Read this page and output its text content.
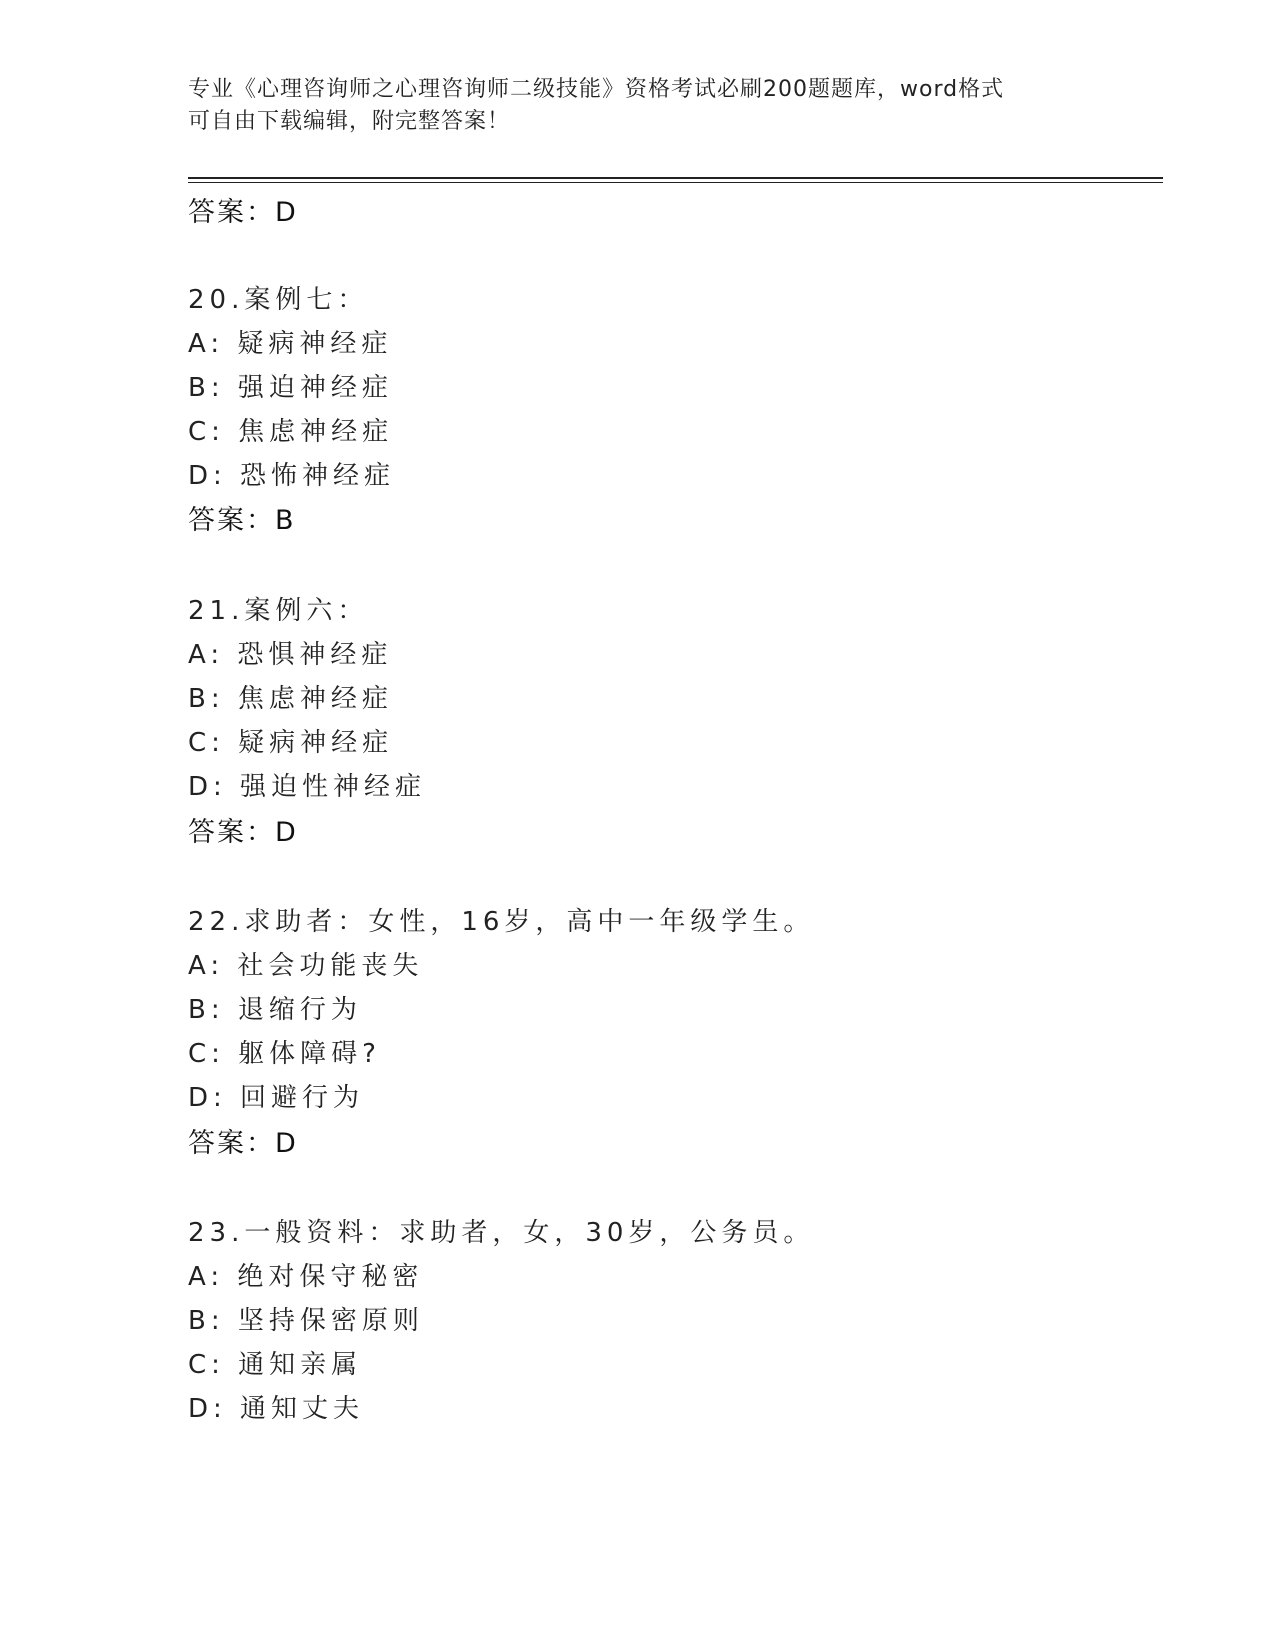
专业《心理咨询师之心理咨询师二级技能》资格考试必刷200题题库，word格式
可自由下载编辑，附完整答案！
答案：D
20.案例七：
A: 疑病神经症
B: 强迫神经症
C: 焦虑神经症
D: 恐怖神经症
答案：B
21.案例六：
A: 恐惧神经症
B: 焦虑神经症
C: 疑病神经症
D: 强迫性神经症
答案：D
22.求助者：女性，16岁，高中一年级学生。
A: 社会功能丧失
B: 退缩行为
C: 躯体障碍?
D: 回避行为
答案：D
23.一般资料：求助者，女，30岁，公务员。
A: 绝对保守秘密
B: 坚持保密原则
C: 通知亲属
D: 通知丈夫
